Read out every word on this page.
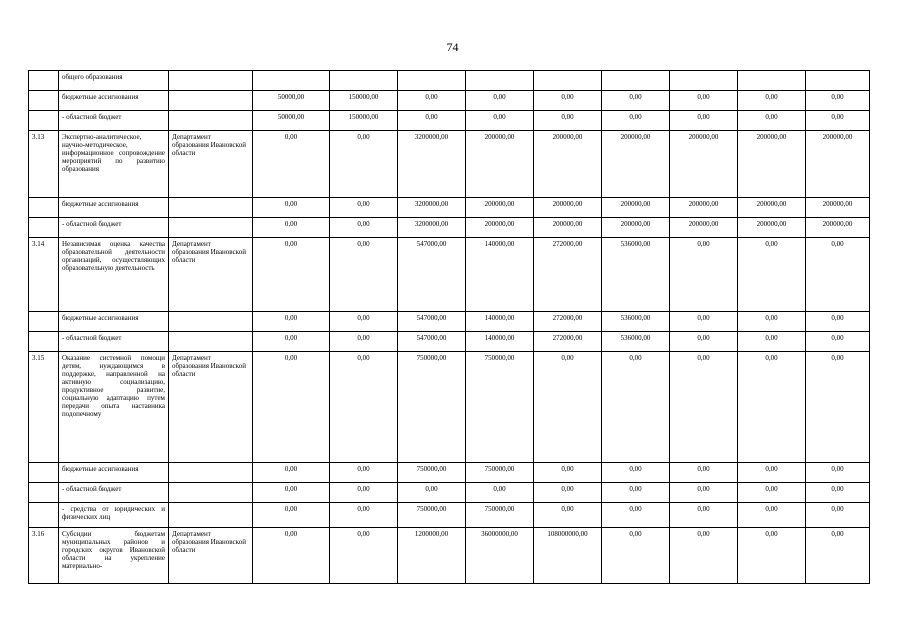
74
	общего образования										
	бюджетные ассигнования		50000,00	150000,00	0,00	0,00	0,00	0,00	0,00	0,00	0,00
	- областной бюджет		50000,00	150000,00	0,00	0,00	0,00	0,00	0,00	0,00	0,00
3.13	Экспертно-аналитическое, научно-методическое, информационное сопровождение мероприятий по развитию образования	Департамент образования Ивановской области	0,00	0,00	3200000,00	200000,00	200000,00	200000,00	200000,00	200000,00	200000,00
	бюджетные ассигнования		0,00	0,00	3200000,00	200000,00	200000,00	200000,00	200000,00	200000,00	200000,00
	- областной бюджет		0,00	0,00	3200000,00	200000,00	200000,00	200000,00	200000,00	200000,00	200000,00
3.14	Независимая оценка качества образовательной деятельности организаций, осуществляющих образовательную деятельность	Департамент образования Ивановской области	0,00	0,00	547000,00	140000,00	272000,00	536000,00	0,00	0,00	0,00
	бюджетные ассигнования		0,00	0,00	547000,00	140000,00	272000,00	536000,00	0,00	0,00	0,00
	- областной бюджет		0,00	0,00	547000,00	140000,00	272000,00	536000,00	0,00	0,00	0,00
3.15	Оказание системной помощи детям, нуждающимся в поддержке, направленной на активную социализацию, продуктивное развитие, социальную адаптацию путем передачи опыта наставника подопечному	Департамент образования Ивановской области	0,00	0,00	750000,00	750000,00	0,00	0,00	0,00	0,00	0,00
	бюджетные ассигнования		0,00	0,00	750000,00	750000,00	0,00	0,00	0,00	0,00	0,00
	- областной бюджет		0,00	0,00	0,00	0,00	0,00	0,00	0,00	0,00	0,00
	- средства от юридических и физических лиц		0,00	0,00	750000,00	750000,00	0,00	0,00	0,00	0,00	0,00
3.16	Субсидии бюджетам муниципальных районов и городских округов Ивановской области на укрепление материально-	Департамент образования Ивановской области	0,00	0,00	1200000,00	36000000,00	108000000,00	0,00	0,00	0,00	0,00
